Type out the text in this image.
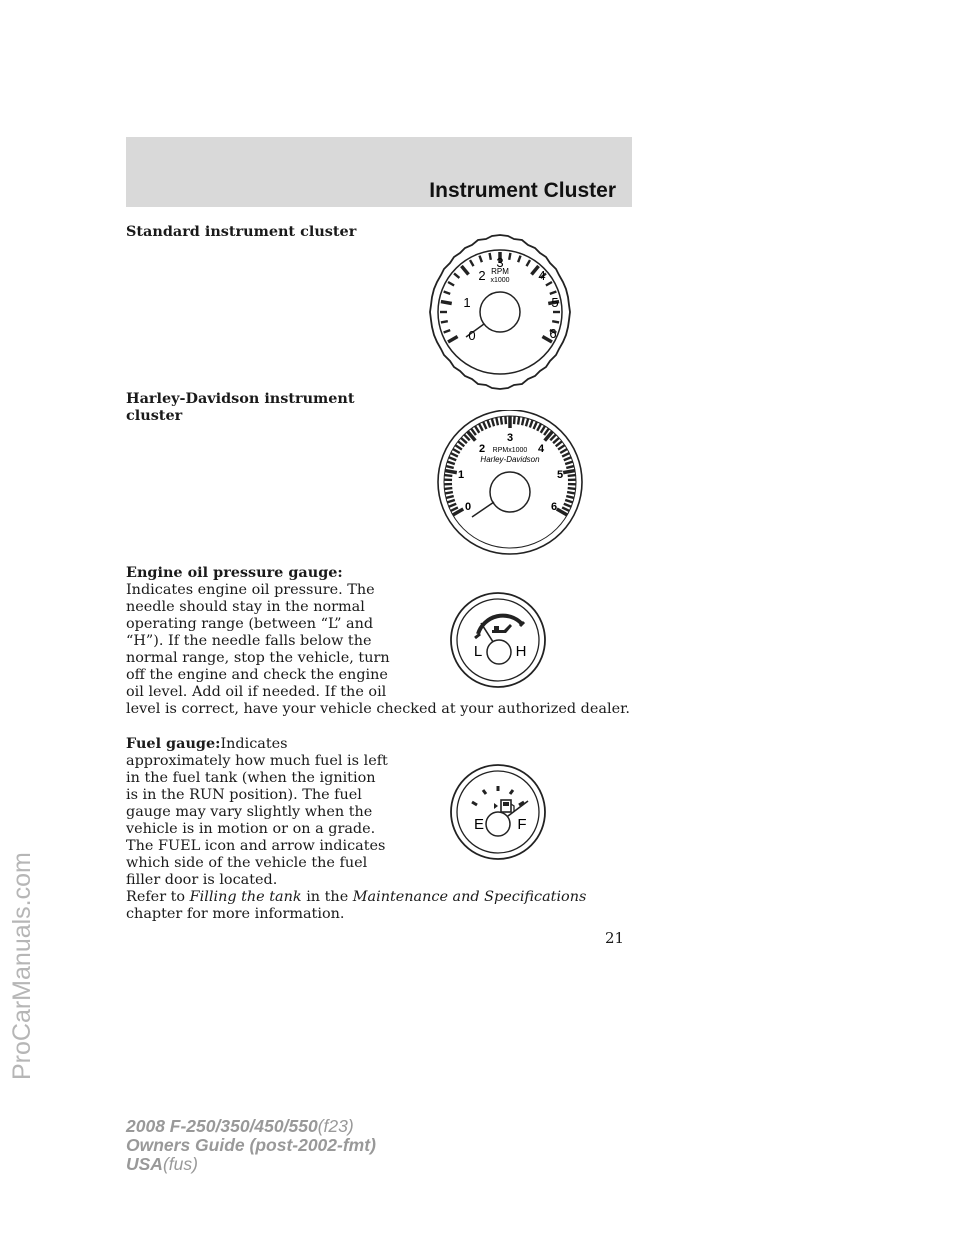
Instrument Cluster
Standard instrument cluster
RPM
x1000
0
1
2
3
4
5
6
Harley-Davidson instrument
cluster
RPMx1000
Harley-Davidson
0
1
2
3
4
5
6
Engine oil pressure gauge:
Indicates engine oil pressure. The
needle should stay in the normal
operating range (between “L” and
“H”). If the needle falls below the
normal range, stop the vehicle, turn
off the engine and check the engine
oil level. Add oil if needed. If the oil
level is correct, have your vehicle checked at your authorized dealer.
L H
Fuel gauge:Indicates
approximately how much fuel is left
in the fuel tank (when the ignition
is in the RUN position). The fuel
gauge may vary slightly when the
vehicle is in motion or on a grade.
The FUEL icon and arrow indicates
which side of the vehicle the fuel
filler door is located.
Refer to Filling the tank in the Maintenance and Specifications
chapter for more information.
E F
21
2008 F-250/350/450/550(f23)
Owners Guide (post-2002-fmt)
USA(fus)
ProCarManuals.com
